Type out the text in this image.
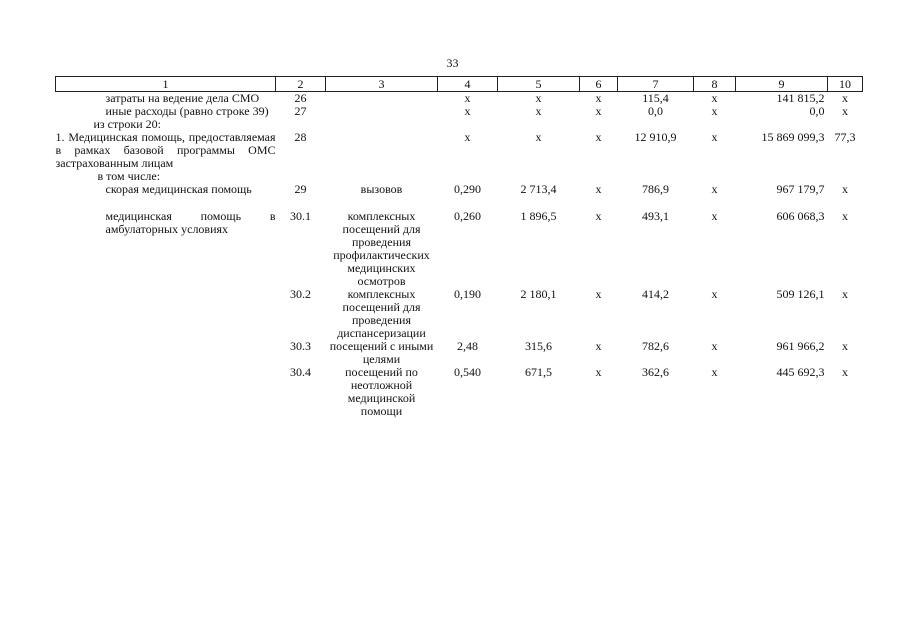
33
1	2	3	4	5	6	7	8	9	10
затраты на ведение дела СМО	26		х	х	х	115,4	х	141 815,2	х
иные расходы (равно строке 39)	27		х	х	х	0,0	х	0,0	х
из строки 20:									
1. Медицинская помощь, предоставляемая в рамках базовой программы ОМС застрахованным лицам	28		х	х	х	12 910,9	х	15 869 099,3	77,3
в том числе:									
скорая медицинская помощь	29	вызовов	0,290	2 713,4	х	786,9	х	967 179,7	х

медицинская помощь в амбулаторных условиях	30.1	комплексных посещений для проведения профилактических медицинских осмотров	0,260	1 896,5	х	493,1	х	606 068,3	х
	30.2	комплексных посещений для проведения диспансеризации	0,190	2 180,1	х	414,2	х	509 126,1	х
	30.3	посещений с иными целями	2,48	315,6	х	782,6	х	961 966,2	х
	30.4	посещений по неотложной медицинской помощи	0,540	671,5	х	362,6	х	445 692,3	х
